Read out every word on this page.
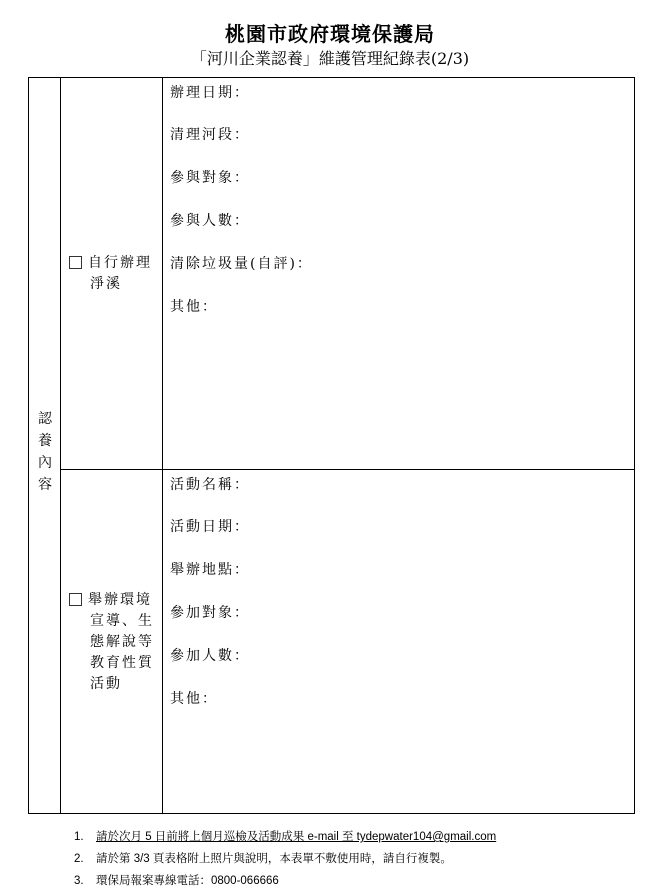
桃園市政府環境保護局
「河川企業認養」維護管理紀錄表(2/3)
認
養
內
容
自行辦理
淨溪
辦理日期：
清理河段：
參與對象：
參與人數：
清除垃圾量(自評)：
其他：
舉辦環境
宣導、生
態解說等
教育性質
活動
活動名稱：
活動日期：
舉辦地點：
參加對象：
參加人數：
其他：
1. 請於次月 5 日前將上個月巡檢及活動成果 e-mail 至 tydepwater104@gmail.com
2. 請於第 3/3 頁表格附上照片與說明，本表單不敷使用時，請自行複製。
3. 環保局報案專線電話：0800-066666
